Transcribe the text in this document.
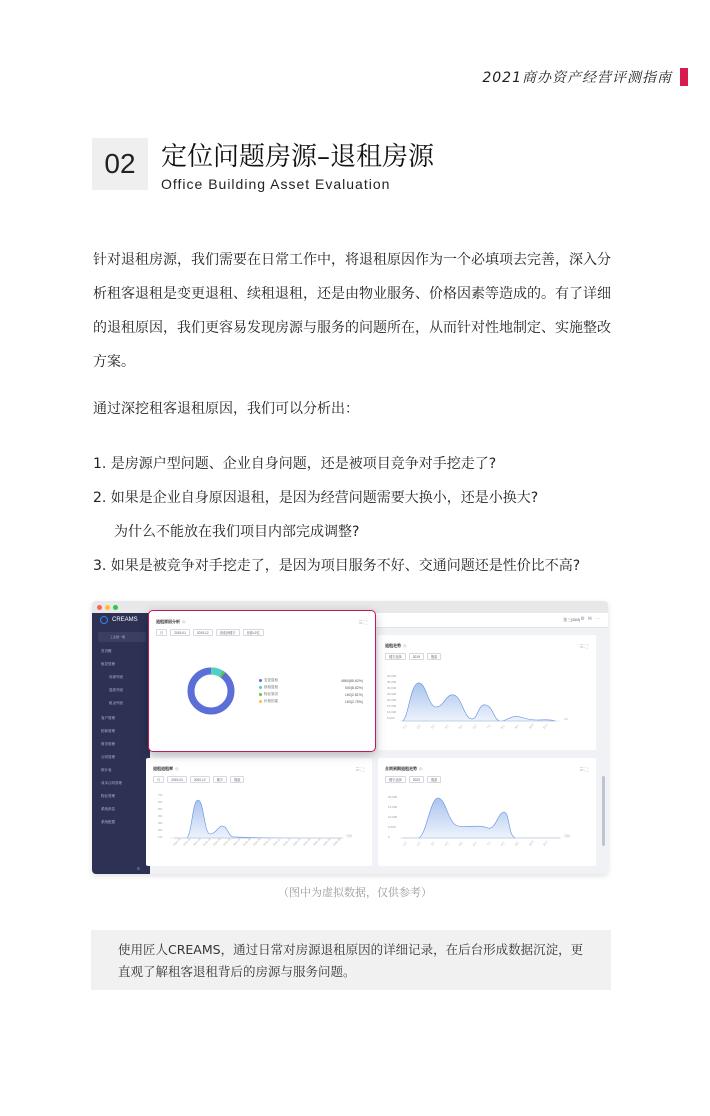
2021商办资产经营评测指南
02 定位问题房源–退租房源
Office Building Asset Evaluation
针对退租房源，我们需要在日常工作中，将退租原因作为一个必填项去完善，深入分析租客退租是变更退租、续租退租，还是由物业服务、价格因素等造成的。有了详细的退租原因，我们更容易发现房源与服务的问题所在，从而针对性地制定、实施整改方案。
通过深挖租客退租原因，我们可以分析出：
1. 是房源户型问题、企业自身问题，还是被项目竞争对手挖走了?
2. 如果是企业自身原因退租，是因为经营问题需要大换小，还是小换大?
为什么不能放在我们项目内部完成调整?
3. 如果是被竞争对手挖走了，是因为项目服务不好、交通问题还是性价比不高?
CREAMS
工业园一期
首页概
租控管理
房源列表
退款列表
租金列表
客户管理
招商管理
财务管理
合同管理
统计表
成本合同管理
物业管理
系统消息
系统配置
≡
张三(DM) ⚙✉⋯
退租走势 ◎	☰ ⛶
楼宇选择	2019	搜索
40,000
35,000
30,000
25,000
20,000
15,000
10,000
5,000	m²
1月	2月	3月	4月	5月	6月	7月	8月	9月	10月 11月
退租退租率 ◎	☰ ⛶
月	2019-01	2020-12	楼宇	搜索
7%
6%
5%
4%
3%
2%
1%	月份
2019-01 2019-02 2019-03 2019-04 2019-05 2019-06 2019-07 2019-08 2019-09 2019-10 2019-11 2019-12 2020-01 2020-02 2020-03 2020-04 2020-05
合同到期退租走势 ◎	☰ ⛶
楼宇选择	2020	搜索
20,000
15,000
10,000
5,000
0	月份
1月	2月	3月	4月	5月	6月	7月	8月	9月	10月 11月
退租原因分析 ◎	☰ ⛶
月	2019-01	2019-12	请选择楼宇	房源>2位
变更退租	4860(85.62%)
续租退租	500(8.82%)
物业原因	160(2.81%)
价格因素	160(2.75%)
（图中为虚拟数据，仅供参考）
使用匠人CREAMS，通过日常对房源退租原因的详细记录，在后台形成数据沉淀，更直观了解租客退租背后的房源与服务问题。
